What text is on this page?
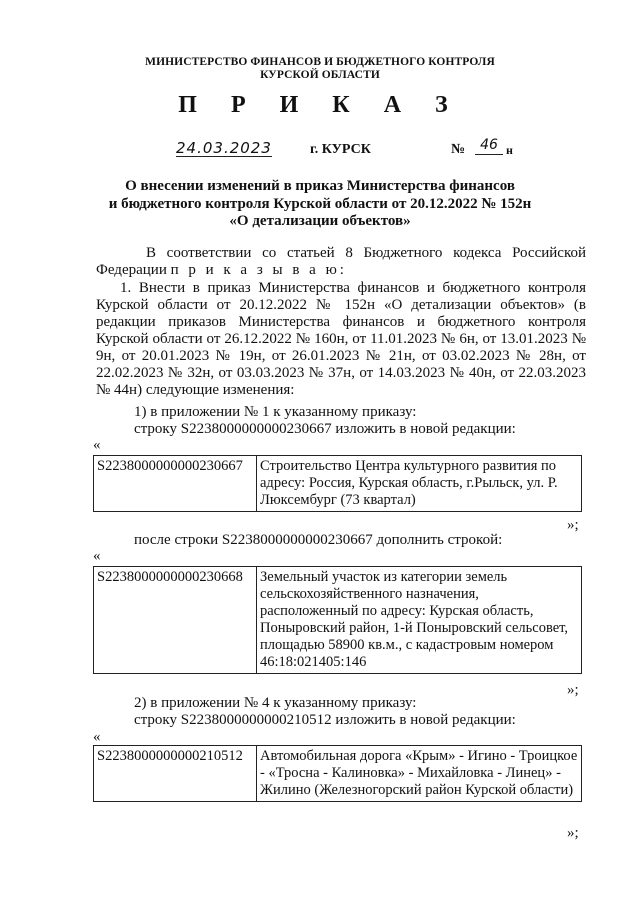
МИНИСТЕРСТВО ФИНАНСОВ И БЮДЖЕТНОГО КОНТРОЛЯ
КУРСКОЙ ОБЛАСТИ
П Р И К А З
24.03.2023	г. КУРСК	№	46 н
О внесении изменений в приказ Министерства финансов
и бюджетного контроля Курской области от 20.12.2022 № 152н
«О детализации объектов»
В соответствии со статьей 8 Бюджетного кодекса Российской Федерации п р и к а з ы в а ю:
1. Внести в приказ Министерства финансов и бюджетного контроля Курской области от 20.12.2022 № 152н «О детализации объектов» (в редакции приказов Министерства финансов и бюджетного контроля Курской области от 26.12.2022 № 160н, от 11.01.2023 № 6н, от 13.01.2023 № 9н, от 20.01.2023 № 19н, от 26.01.2023 № 21н, от 03.02.2023 № 28н, от 22.02.2023 № 32н, от 03.03.2023 № 37н, от 14.03.2023 № 40н, от 22.03.2023 № 44н) следующие изменения:
1) в приложении № 1 к указанному приказу:
строку S2238000000000230667 изложить в новой редакции:
«
S2238000000000230667	Строительство Центра культурного развития по адресу: Россия, Курская область, г.Рыльск, ул. Р. Люксембург (73 квартал)
»;
после строки S2238000000000230667 дополнить строкой:
«
S2238000000000230668	Земельный участок из категории земель сельскохозяйственного назначения, расположенный по адресу: Курская область, Поныровский район, 1-й Поныровский сельсовет, площадью 58900 кв.м., с кадастровым номером 46:18:021405:146
»;
2) в приложении № 4 к указанному приказу:
строку S2238000000000210512 изложить в новой редакции:
«
S2238000000000210512	Автомобильная дорога «Крым» - Игино - Троицкое - «Тросна - Калиновка» - Михайловка - Линец» - Жилино (Железногорский район Курской области)
»;
